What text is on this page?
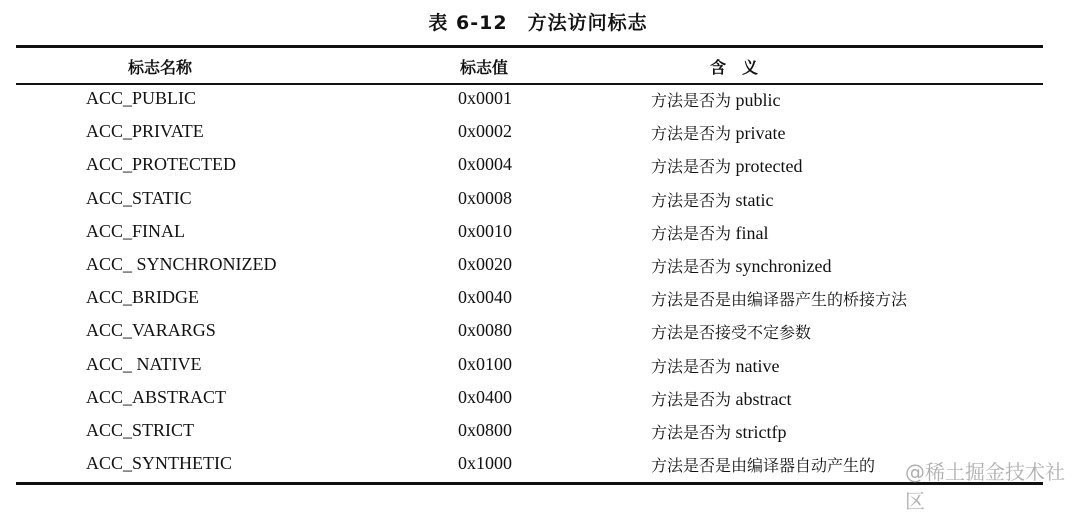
表 6-12　方法访问标志
标志名称	标志值	含　义
ACC_PUBLIC	0x0001	方法是否为 public
ACC_PRIVATE	0x0002	方法是否为 private
ACC_PROTECTED	0x0004	方法是否为 protected
ACC_STATIC	0x0008	方法是否为 static
ACC_FINAL	0x0010	方法是否为 final
ACC_ SYNCHRONIZED	0x0020	方法是否为 synchronized
ACC_BRIDGE	0x0040	方法是否是由编译器产生的桥接方法
ACC_VARARGS	0x0080	方法是否接受不定参数
ACC_ NATIVE	0x0100	方法是否为 native
ACC_ABSTRACT	0x0400	方法是否为 abstract
ACC_STRICT	0x0800	方法是否为 strictfp
ACC_SYNTHETIC	0x1000	方法是否是由编译器自动产生的 @稀土掘金技术社区
